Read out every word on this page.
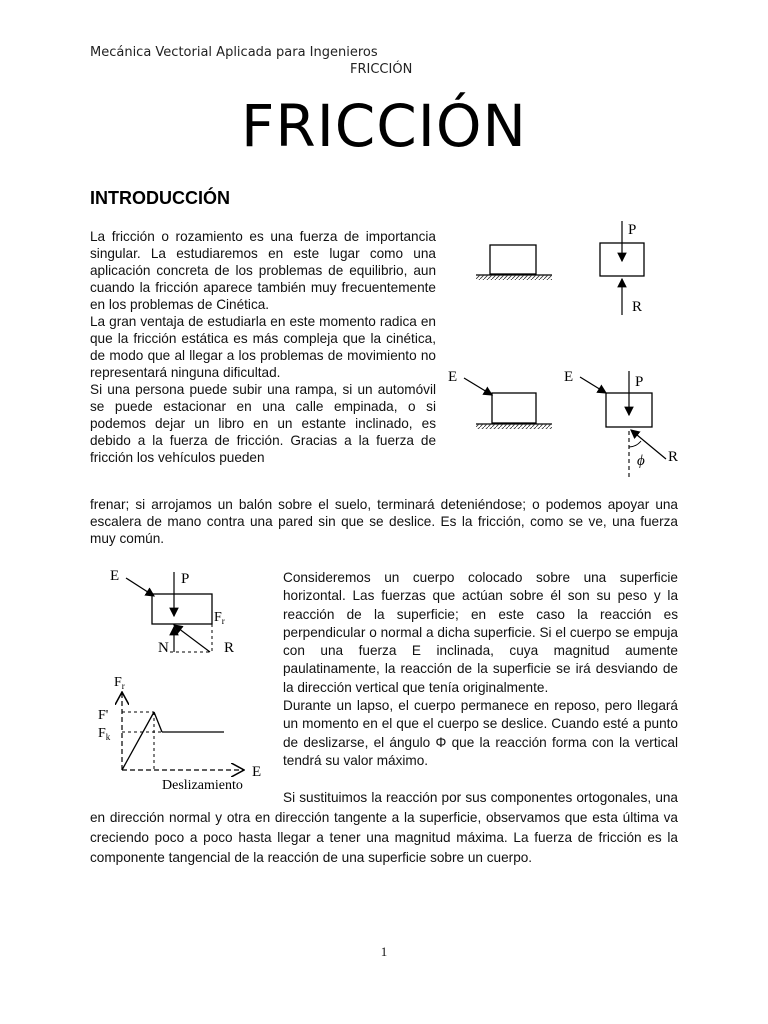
Mecánica Vectorial Aplicada para Ingenieros
FRICCIÓN
FRICCIÓN
INTRODUCCIÓN
La fricción o rozamiento es una fuerza de importancia singular. La estudiaremos en este lugar como una aplicación concreta de los problemas de equilibrio, aun cuando la fricción aparece también muy frecuentemente en los problemas de Cinética.
La gran ventaja de estudiarla en este momento radica en que la fricción estática es más compleja que la cinética, de modo que al llegar a los problemas de movimiento no representará ninguna dificultad.
Si una persona puede subir una rampa, si un automóvil se puede estacionar en una calle empinada, o si podemos dejar un libro en un estante inclinado, es debido a la fuerza de fricción. Gracias a la fuerza de fricción los vehículos pueden
frenar; si arrojamos un balón sobre el suelo, terminará deteniéndose; o podemos apoyar una escalera de mano contra una pared sin que se deslice. Es la fricción, como se ve, una fuerza muy común.
P
R
E	E	P
R
ϕ
E	P
$F_r$
N	R
$F_r$
F'
$F_k$
E
Deslizamiento
Consideremos un cuerpo colocado sobre una superficie horizontal. Las fuerzas que actúan sobre él son su peso y la reacción de la superficie; en este caso la reacción es perpendicular o normal a dicha superficie. Si el cuerpo se empuja con una fuerza E inclinada, cuya magnitud aumente paulatinamente, la reacción de la superficie se irá desviando de la dirección vertical que tenía originalmente.
Durante un lapso, el cuerpo permanece en reposo, pero llegará un momento en el que el cuerpo se deslice. Cuando esté a punto de deslizarse, el ángulo Φ que la reacción forma con la vertical tendrá su valor máximo.
Si sustituimos la reacción por sus componentes ortogonales, una en dirección normal y otra en dirección tangente a la superficie, observamos que esta última va creciendo poco a poco hasta llegar a tener una magnitud máxima. La fuerza de fricción es la componente tangencial de la reacción de una superficie sobre un cuerpo.
1
